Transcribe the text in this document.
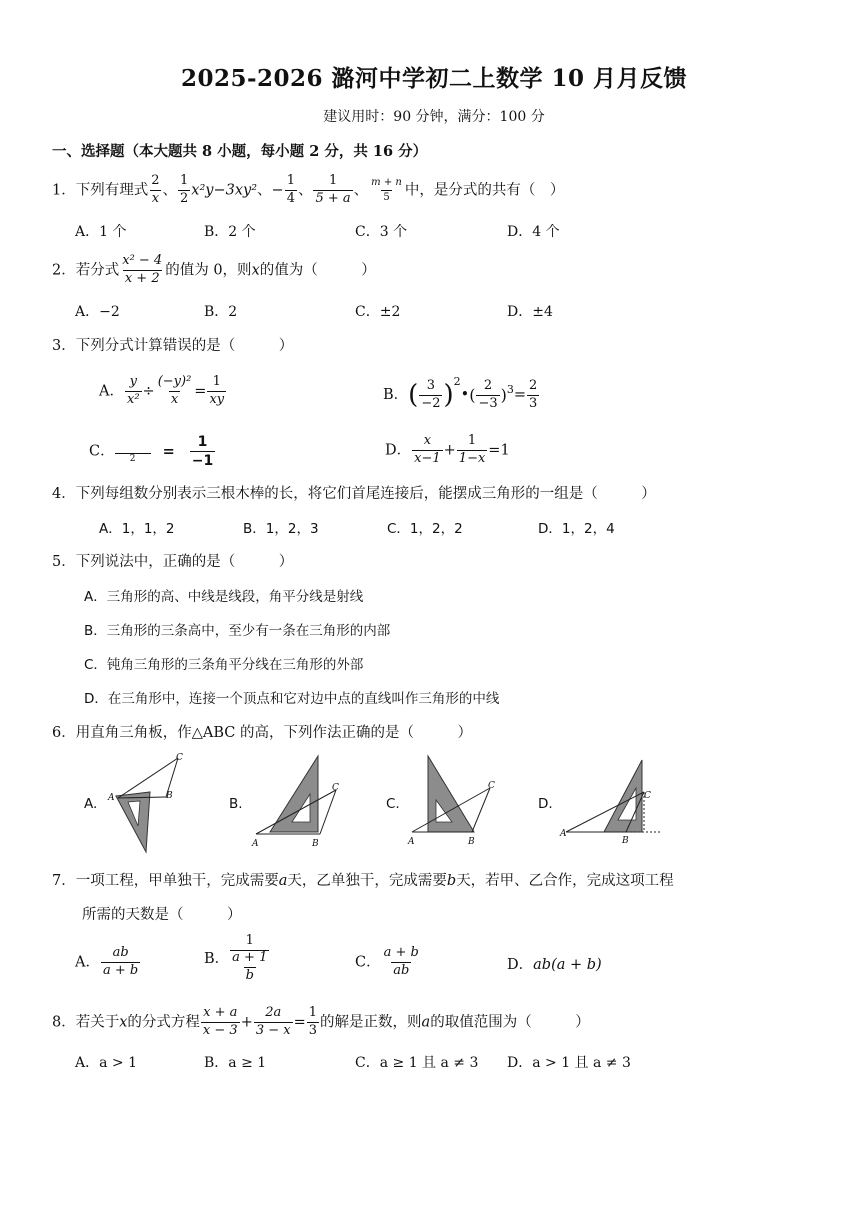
2025-2026 潞河中学初二上数学 10 月月反馈
建议用时：90 分钟，满分：100 分
一、选择题（本大题共 8 小题，每小题 2 分，共 16 分）
1．下列有理式 $\frac{2}{x}$ 、 $\frac{1}{2} x^2y-3xy^2$、− $\frac{1}{4}$ 、 $\frac{1}{5 + a}$ 、 $\frac{m + n}{5}$ 中，是分式的共有（　）
A．1 个	B．2 个	C．3 个	D．4 个
2．若分式 $\frac{\text{x² − 4}}{x + 2}$ 的值为 0，则x的值为（　　　）
A．−2	B．2	C．±2	D．±4
3．下列分式计算错误的是（　　　）
A． $\frac{y}{\text{x²}} \div \frac{\text{(−y)²}}{x} = \frac{1}{xy}$	B．( $\frac{3}{-2}$ )$^2$•( $\frac{2}{-3} )^3= \frac{2}{3}$
C．	2	= $\frac{1}{-1}$	D． $\frac{x}{x-1} + \frac{1}{1-x} =1$
4．下列每组数分别表示三根木棒的长，将它们首尾连接后，能摆成三角形的一组是（　　　）
A．1，1，2	B．1，2，3	C．1，2，2	D．1，2，4
5．下列说法中，正确的是（　　　）
A．三角形的高、中线是线段，角平分线是射线
B．三角形的三条高中，至少有一条在三角形的内部
C．钝角三角形的三条角平分线在三角形的外部
D．在三角形中，连接一个顶点和它对边中点的直线叫作三角形的中线
6．用直角三角板，作△ABC 的高，下列作法正确的是（　　　）
A. A	B
C
B.
A	B
C
C.
A	B
C
D.
A
B
C
7．一项工程，甲单独干，完成需要a天，乙单独干，完成需要b天，若甲、乙合作，完成这项工程
所需的天数是（　　　）
A． $\frac{ab}{a + b}$	B． $\frac{1}{\frac{a + 1}{b}}$	C． $\frac{a + b}{ab}$	D．ab(a + b)
8．若关于x的分式方程 $\frac{x + a}{x - 3} + \frac{2a}{3 - x} = \frac{1}{3}$ 的解是正数，则a的取值范围为（　　　）
A．a > 1	B．a ≥ 1	C．a ≥ 1 且 a ≠ 3 D．a > 1 且 a ≠ 3
